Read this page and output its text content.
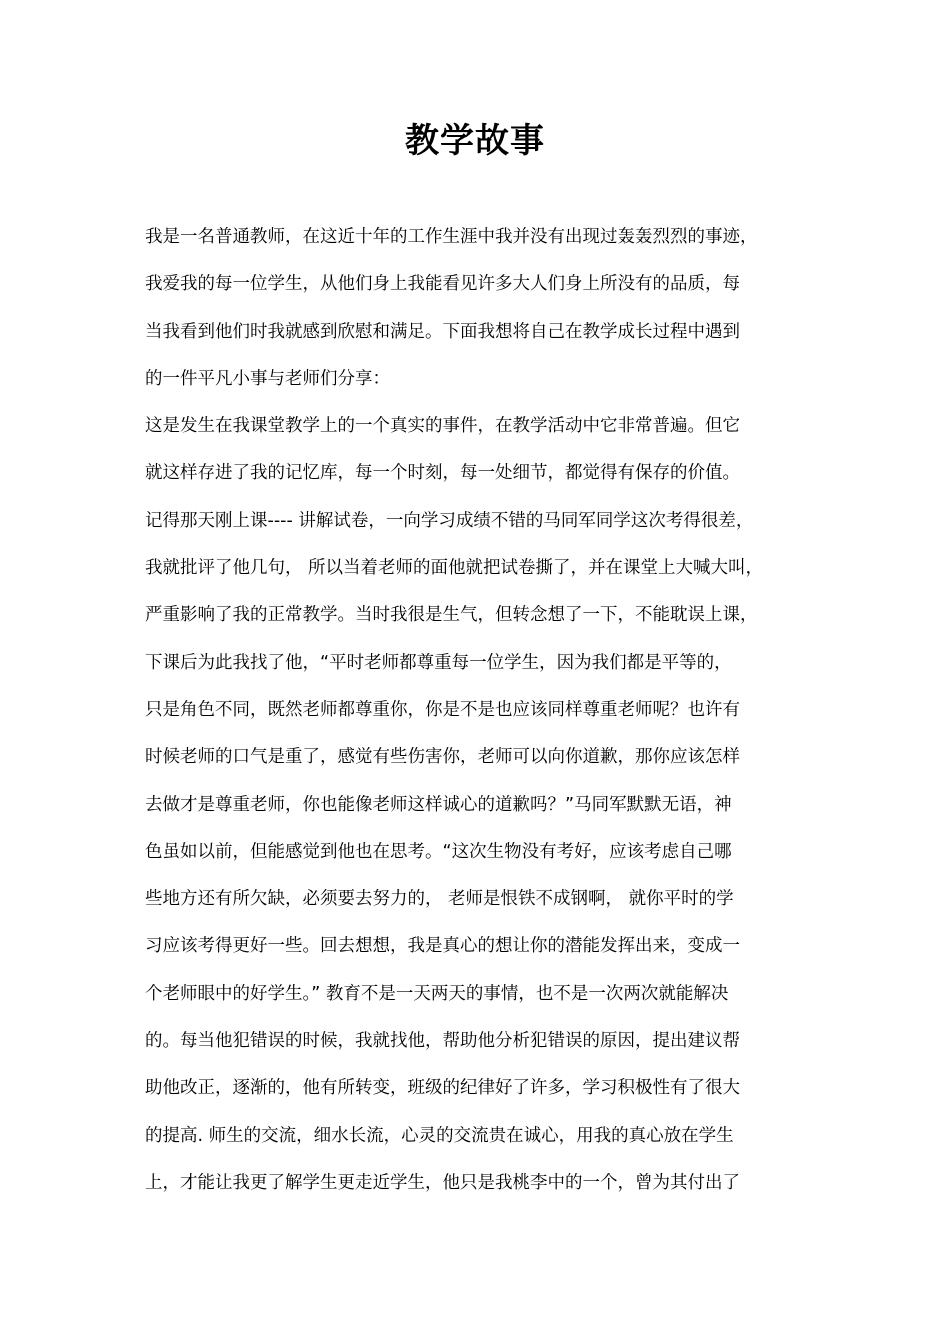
教学故事
我是一名普通教师，在这近十年的工作生涯中我并没有出现过轰轰烈烈的事迹，
我爱我的每一位学生，从他们身上我能看见许多大人们身上所没有的品质，每
当我看到他们时我就感到欣慰和满足。下面我想将自己在教学成长过程中遇到
的一件平凡小事与老师们分享：
这是发生在我课堂教学上的一个真实的事件，在教学活动中它非常普遍。但它
就这样存进了我的记忆库，每一个时刻，每一处细节，都觉得有保存的价值。
记得那天刚上课---- 讲解试卷，一向学习成绩不错的马同军同学这次考得很差，
我就批评了他几句， 所以当着老师的面他就把试卷撕了，并在课堂上大喊大叫，
严重影响了我的正常教学。当时我很是生气，但转念想了一下，不能耽误上课，
下课后为此我找了他，“平时老师都尊重每一位学生，因为我们都是平等的，
只是角色不同，既然老师都尊重你，你是不是也应该同样尊重老师呢？也许有
时候老师的口气是重了，感觉有些伤害你，老师可以向你道歉，那你应该怎样
去做才是尊重老师，你也能像老师这样诚心的道歉吗？”马同军默默无语，神
色虽如以前，但能感觉到他也在思考。“这次生物没有考好，应该考虑自己哪
些地方还有所欠缺，必须要去努力的， 老师是恨铁不成钢啊， 就你平时的学
习应该考得更好一些。回去想想，我是真心的想让你的潜能发挥出来，变成一
个老师眼中的好学生。” 教育不是一天两天的事情，也不是一次两次就能解决
的。每当他犯错误的时候，我就找他，帮助他分析犯错误的原因，提出建议帮
助他改正，逐渐的，他有所转变，班级的纪律好了许多，学习积极性有了很大
的提高. 师生的交流，细水长流，心灵的交流贵在诚心，用我的真心放在学生
上，才能让我更了解学生更走近学生，他只是我桃李中的一个，曾为其付出了
